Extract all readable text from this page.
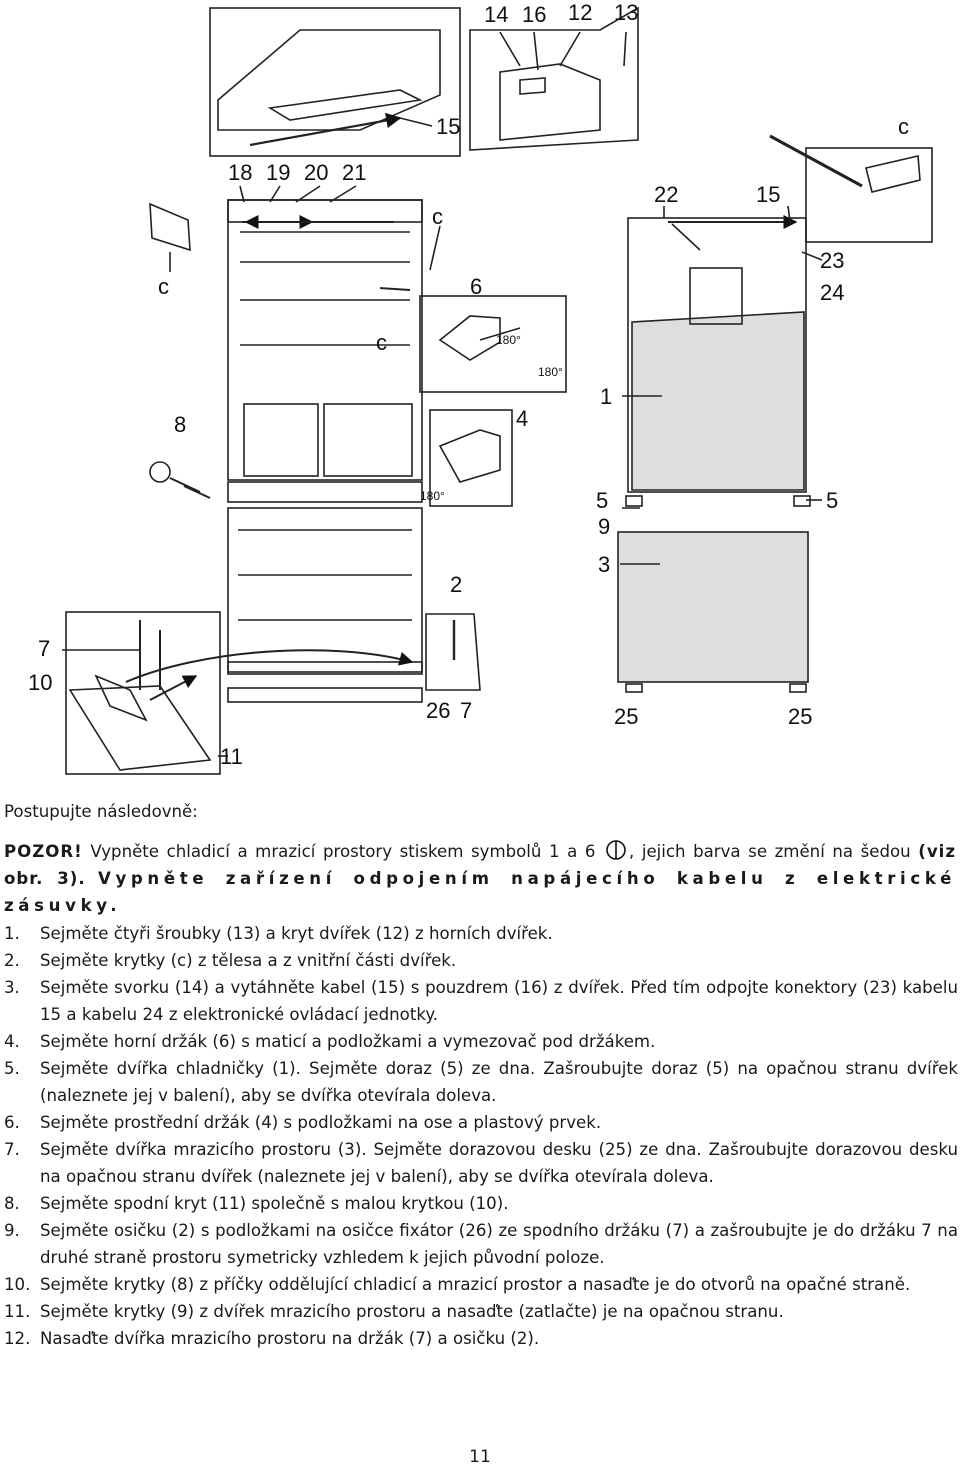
14 16 12 13
15	c
18 19 20 21
22	15
c
23
24
c	6
c	180°
180°
1
8	4
180°	5	5
9
3
2
7
10
26 7	25	25
11
Postupujte následovně:
POZOR! Vypněte chladicí a mrazicí prostory stiskem symbolů 1 a 6 , jejich barva se změní na šedou (viz obr. 3). Vypněte zařízení odpojením napájecího kabelu z elektrické zásuvky.
1. Sejměte čtyři šroubky (13) a kryt dvířek (12) z horních dvířek.
2. Sejměte krytky (c) z tělesa a z vnitřní části dvířek.
3. Sejměte svorku (14) a vytáhněte kabel (15) s pouzdrem (16) z dvířek. Před tím odpojte konektory (23) kabelu 15 a kabelu 24 z elektronické ovládací jednotky.
4. Sejměte horní držák (6) s maticí a podložkami a vymezovač pod držákem.
5. Sejměte dvířka chladničky (1). Sejměte doraz (5) ze dna. Zašroubujte doraz (5) na opačnou stranu dvířek (naleznete jej v balení), aby se dvířka otevírala doleva.
6. Sejměte prostřední držák (4) s podložkami na ose a plastový prvek.
7. Sejměte dvířka mrazicího prostoru (3). Sejměte dorazovou desku (25) ze dna. Zašroubujte dorazovou desku na opačnou stranu dvířek (naleznete jej v balení), aby se dvířka otevírala doleva.
8. Sejměte spodní kryt (11) společně s malou krytkou (10).
9. Sejměte osičku (2) s podložkami na osičce fixátor (26) ze spodního držáku (7) a zašroubujte je do držáku 7 na druhé straně prostoru symetricky vzhledem k jejich původní poloze.
10. Sejměte krytky (8) z příčky oddělující chladicí a mrazicí prostor a nasaďte je do otvorů na opačné straně.
11. Sejměte krytky (9) z dvířek mrazicího prostoru a nasaďte (zatlačte) je na opačnou stranu.
12. Nasaďte dvířka mrazicího prostoru na držák (7) a osičku (2).
11
